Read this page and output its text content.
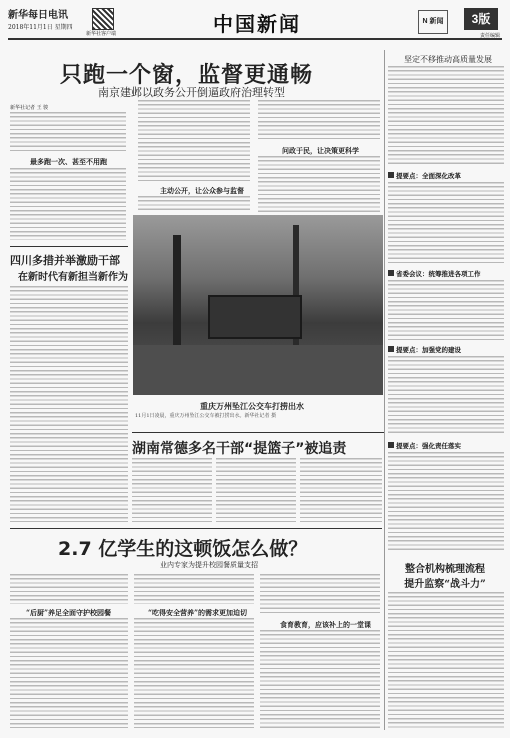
新华每日电讯
2018年11月1日 星期四
新华社客户端	中国新闻	N 新闻	3版
责任编辑
只跑一个窗，监督更通畅
南京建邺以政务公开倒逼政府治理转型
新华社记者 王 骏
最多跑一次、甚至不用跑
主动公开，让公众参与监督
问政于民，让决策更科学
四川多措并举激励干部
在新时代有新担当新作为
重庆万州坠江公交车打捞出水
11月1日凌晨，重庆万州坠江公交车被打捞出水。新华社记者 摄
湖南常德多名干部“提篮子”被追责
2.7 亿学生的这顿饭怎么做？
业内专家为提升校园餐质量支招
“后厨”养足全面守护校园餐	“吃得安全营养”的需求更加迫切
食育教育，应该补上的一堂课
坚定不移推动高质量发展
提要点：全面深化改革
省委会议：统筹推进各项工作
提要点：加强党的建设
提要点：强化责任落实
整合机构梳理流程
提升监察“战斗力”
